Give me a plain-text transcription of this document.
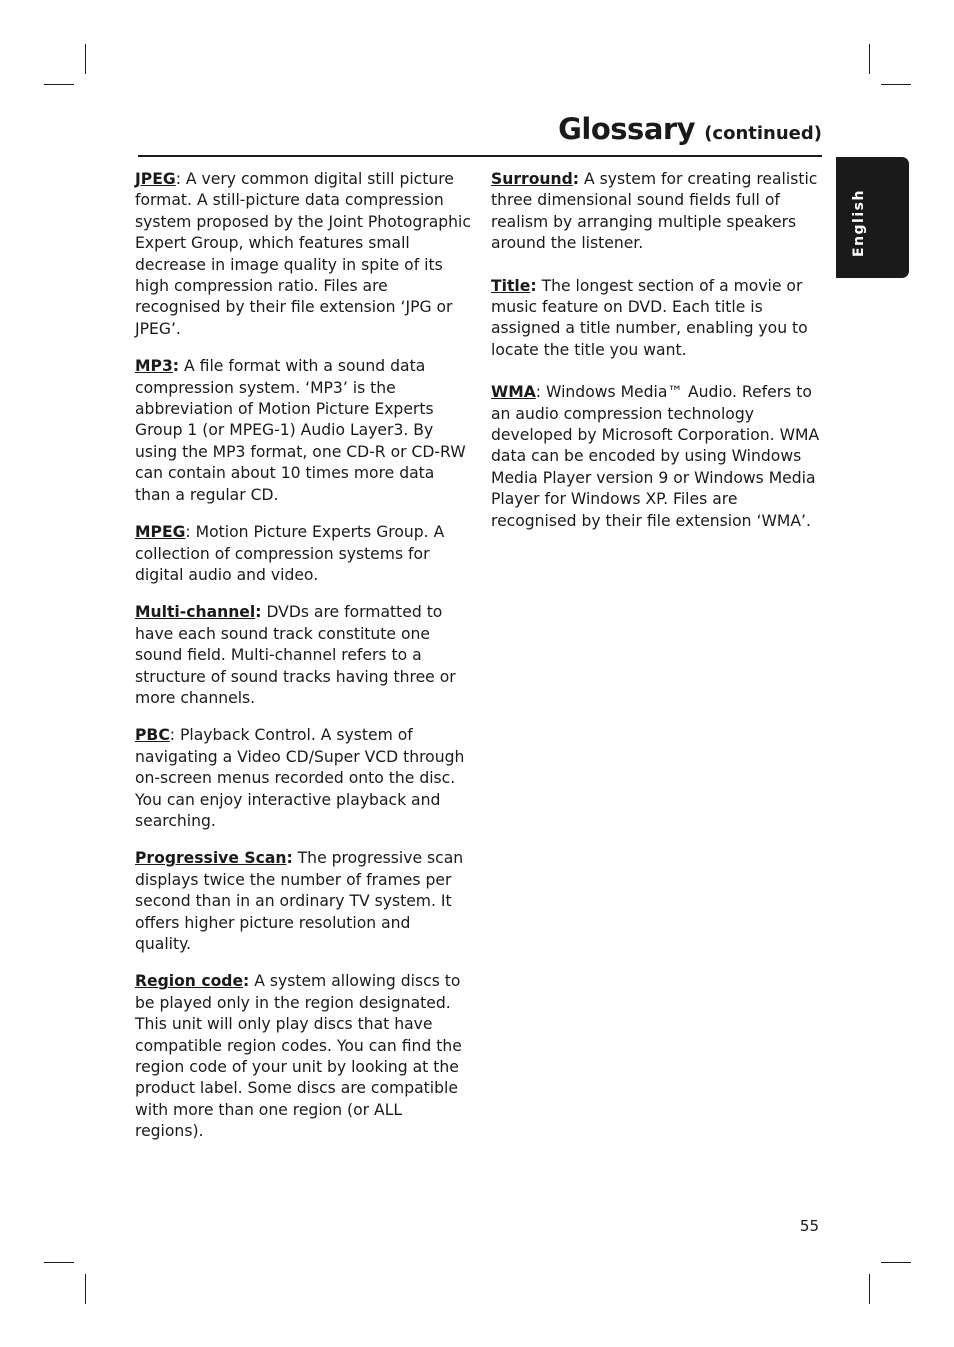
Glossary (continued)
English

JPEG: A very common digital still picture format. A still-picture data compression system proposed by the Joint Photographic Expert Group, which features small decrease in image quality in spite of its high compression ratio. Files are recognised by their file extension ‘JPG or JPEG’.

MP3: A file format with a sound data compression system. ‘MP3’ is the abbreviation of Motion Picture Experts Group 1 (or MPEG-1) Audio Layer3. By using the MP3 format, one CD-R or CD-RW can contain about 10 times more data than a regular CD.

MPEG: Motion Picture Experts Group. A collection of compression systems for digital audio and video.

Multi-channel: DVDs are formatted to have each sound track constitute one sound field. Multi-channel refers to a structure of sound tracks having three or more channels.

PBC: Playback Control. A system of navigating a Video CD/Super VCD through on-screen menus recorded onto the disc. You can enjoy interactive playback and searching.

Progressive Scan: The progressive scan displays twice the number of frames per second than in an ordinary TV system. It offers higher picture resolution and quality.

Region code: A system allowing discs to be played only in the region designated. This unit will only play discs that have compatible region codes. You can find the region code of your unit by looking at the product label. Some discs are compatible with more than one region (or ALL regions).

Surround: A system for creating realistic three dimensional sound fields full of realism by arranging multiple speakers around the listener.

Title: The longest section of a movie or music feature on DVD. Each title is assigned a title number, enabling you to locate the title you want.

WMA: Windows Media™ Audio. Refers to an audio compression technology developed by Microsoft Corporation. WMA data can be encoded by using Windows Media Player version 9 or Windows Media Player for Windows XP. Files are recognised by their file extension ‘WMA’.

55
